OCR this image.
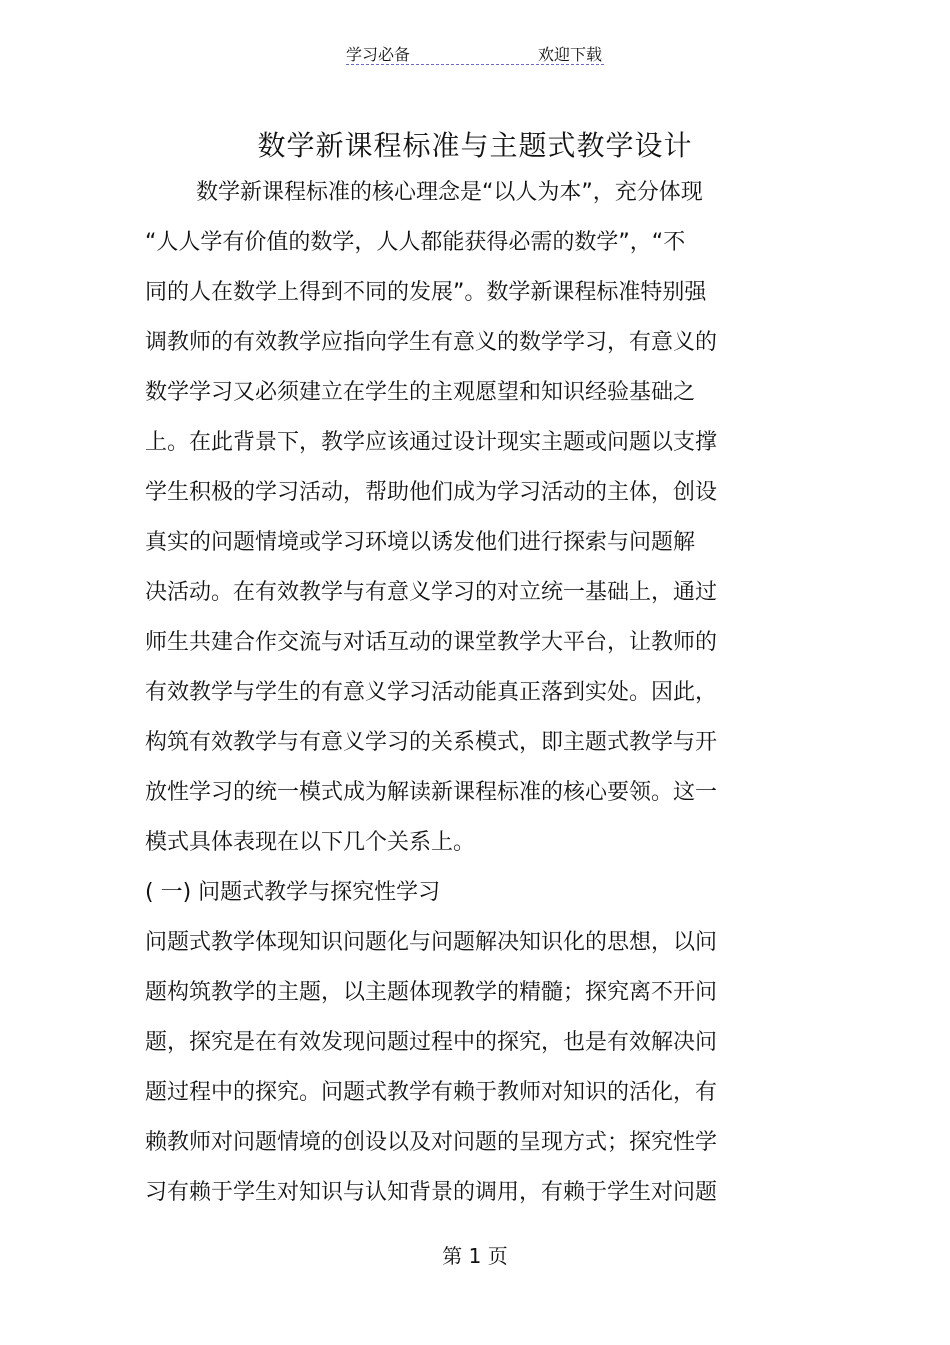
学习必备	欢迎下载
数学新课程标准与主题式教学设计
数学新课程标准的核心理念是“以人为本”，充分体现
“人人学有价值的数学，人人都能获得必需的数学”，“不
同的人在数学上得到不同的发展”。数学新课程标准特别强
调教师的有效教学应指向学生有意义的数学学习，有意义的
数学学习又必须建立在学生的主观愿望和知识经验基础之
上。在此背景下，教学应该通过设计现实主题或问题以支撑
学生积极的学习活动，帮助他们成为学习活动的主体，创设
真实的问题情境或学习环境以诱发他们进行探索与问题解
决活动。在有效教学与有意义学习的对立统一基础上，通过
师生共建合作交流与对话互动的课堂教学大平台，让教师的
有效教学与学生的有意义学习活动能真正落到实处。因此，
构筑有效教学与有意义学习的关系模式，即主题式教学与开
放性学习的统一模式成为解读新课程标准的核心要领。这一
模式具体表现在以下几个关系上。
( 一) 问题式教学与探究性学习
问题式教学体现知识问题化与问题解决知识化的思想，以问
题构筑教学的主题，以主题体现教学的精髓；探究离不开问
题，探究是在有效发现问题过程中的探究，也是有效解决问
题过程中的探究。问题式教学有赖于教师对知识的活化，有
赖教师对问题情境的创设以及对问题的呈现方式；探究性学
习有赖于学生对知识与认知背景的调用，有赖于学生对问题
第 1 页
